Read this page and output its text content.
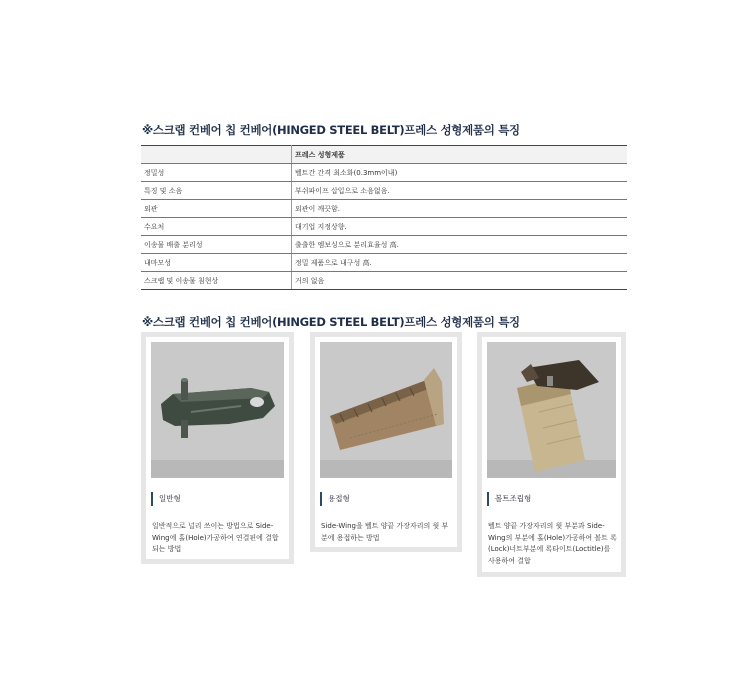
※스크랩 컨베어 칩 컨베어(HINGED STEEL BELT)프레스 성형제품의 특징
	프레스 성형제품
정밀성	벨트간 간격 최소화(0.3mm이내)
특징 및 소음	부쉬파이프 삽입으로 소음없음.
외관	외관이 깨끗함.
수요처	대기업 지정상향.
이송물 배출 분리성	출출한 엠보싱으로 분리효율성 高.
내마모성	정밀 제품으로 내구성 高.
스크랩 및 이송물 침현상	거의 없음
※스크랩 컨베어 칩 컨베어(HINGED STEEL BELT)프레스 성형제품의 특징
일반형
일반적으로 널리 쓰이는 방법으로 Side-Wing에 홀(Hole)가공하여 연결핀에 결합되는 방법
용접형
Side-Wing을 벨트 양끝 가장자리의 윗 부분에 용접하는 방법
볼트조립형
벨트 양끝 가장자리의 윗 부분과 Side-Wing의 부분에 홀(Hole)가공하여 볼트 록(Lock)너트부분에 록타이트(Loctitle)를 사용하여 결합
